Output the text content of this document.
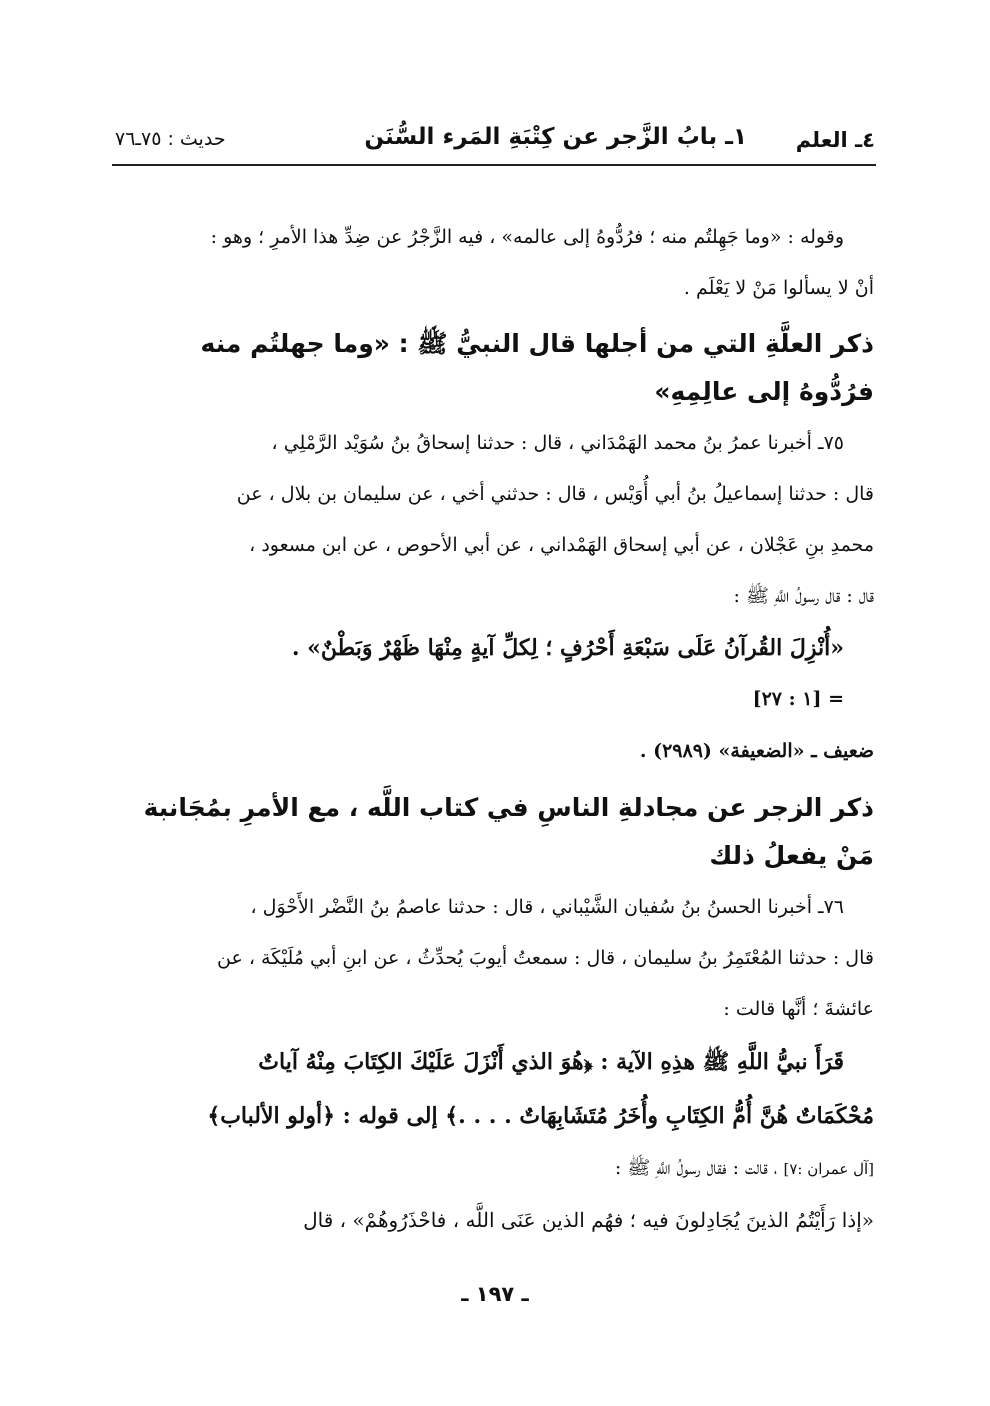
٤ـ العلم
١ـ بابُ الزَّجر عن كِتْبَةِ المَرء السُّنَن
حديث : ٧٥ـ٧٦

وقوله : «وما جَهِلتُم منه ؛ فرُدُّوهُ إلى عالمه» ، فيه الزَّجْرُ عن ضِدِّ هذا الأمرِ ؛ وهو :

أنْ لا يسألوا مَنْ لا يَعْلَم .

ذكر العلَّةِ التي من أجلها قال النبيُّ ﷺ : «وما جهلتُم منه

فرُدُّوهُ إلى عالِمِهِ»

٧٥ـ أخبرنا عمرُ بنُ محمد الهَمْدَاني ، قال : حدثنا إسحاقُ بنُ سُوَيْد الرَّمْلِي ،

قال : حدثنا إسماعيلُ بنُ أبي أُوَيْس ، قال : حدثني أخي ، عن سليمان بن بلال ، عن

محمدِ بنِ عَجْلان ، عن أبي إسحاق الهَمْداني ، عن أبي الأحوص ، عن ابن مسعود ،

قال : قال رسولُ اللَّهِ ﷺ :

«أُنْزِلَ القُرآنُ عَلَى سَبْعَةِ أَحْرُفٍ ؛ لِكلِّ آيةٍ مِنْهَا ظَهْرٌ وَبَطْنٌ» .

= [١ : ٢٧]

ضعيف ـ «الضعيفة» (٢٩٨٩) .

ذكر الزجر عن مجادلةِ الناسِ في كتاب اللَّه ، مع الأمرِ بمُجَانبة

مَنْ يفعلُ ذلك

٧٦ـ أخبرنا الحسنُ بنُ سُفيان الشَّيْباني ، قال : حدثنا عاصمُ بنُ النَّضْر الأَحْوَل ،

قال : حدثنا المُعْتَمِرُ بنُ سليمان ، قال : سمعتُ أيوبَ يُحدِّثُ ، عن ابنِ أبي مُلَيْكَة ، عن

عائشةَ ؛ أنَّها قالت :

قَرَأَ نبيُّ اللَّهِ ﷺ هذِهِ الآية : ﴿هُوَ الذي أَنْزَلَ عَلَيْكَ الكِتَابَ مِنْهُ آياتٌ

مُحْكَمَاتٌ هُنَّ أُمُّ الكِتَابِ وأُخَرُ مُتَشَابِهَاتٌ . . . .﴾ إلى قوله : ﴿أولو الألباب﴾

[آل عمران :٧] ، قالت : فقال رسولُ اللَّهِ ﷺ :

«إذا رَأَيْتُمُ الذينَ يُجَادِلونَ فيه ؛ فهُم الذين عَنَى اللَّه ، فاحْذَرُوهُمْ» ، قال

ـ ١٩٧ ـ
